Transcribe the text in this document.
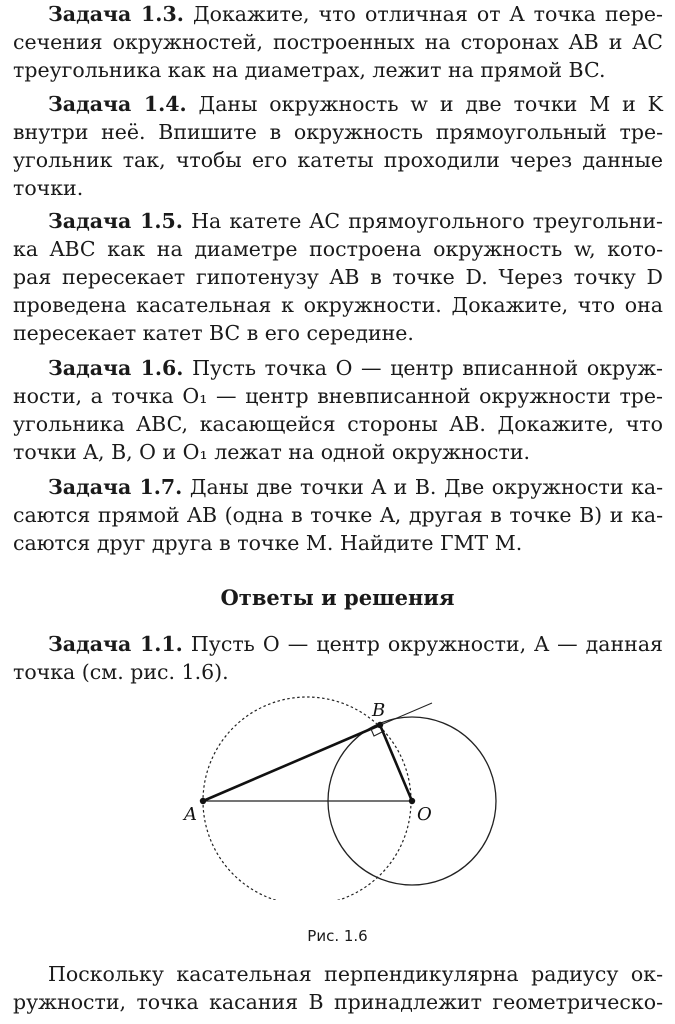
Задача 1.3. Докажите, что отличная от A точка пере-
сечения окружностей, построенных на сторонах AB и AC
треугольника как на диаметрах, лежит на прямой BC.
Задача 1.4. Даны окружность w и две точки M и K
внутри неё. Впишите в окружность прямоугольный тре-
угольник так, чтобы его катеты проходили через данные
точки.
Задача 1.5. На катете AC прямоугольного треугольни-
ка ABC как на диаметре построена окружность w, кото-
рая пересекает гипотенузу AB в точке D. Через точку D
проведена касательная к окружности. Докажите, что она
пересекает катет BC в его середине.
Задача 1.6. Пусть точка O — центр вписанной окруж-
ности, а точка O₁ — центр вневписанной окружности тре-
угольника ABC, касающейся стороны AB. Докажите, что
точки A, B, O и O₁ лежат на одной окружности.
Задача 1.7. Даны две точки A и B. Две окружности ка-
саются прямой AB (одна в точке A, другая в точке B) и ка-
саются друг друга в точке M. Найдите ГМТ M.
Ответы и решения
Задача 1.1. Пусть O — центр окружности, A — данная
точка (см. рис. 1.6).
A
B
O
Рис. 1.6
Поскольку касательная перпендикулярна радиусу ок-
ружности, точка касания B принадлежит геометрическо-
